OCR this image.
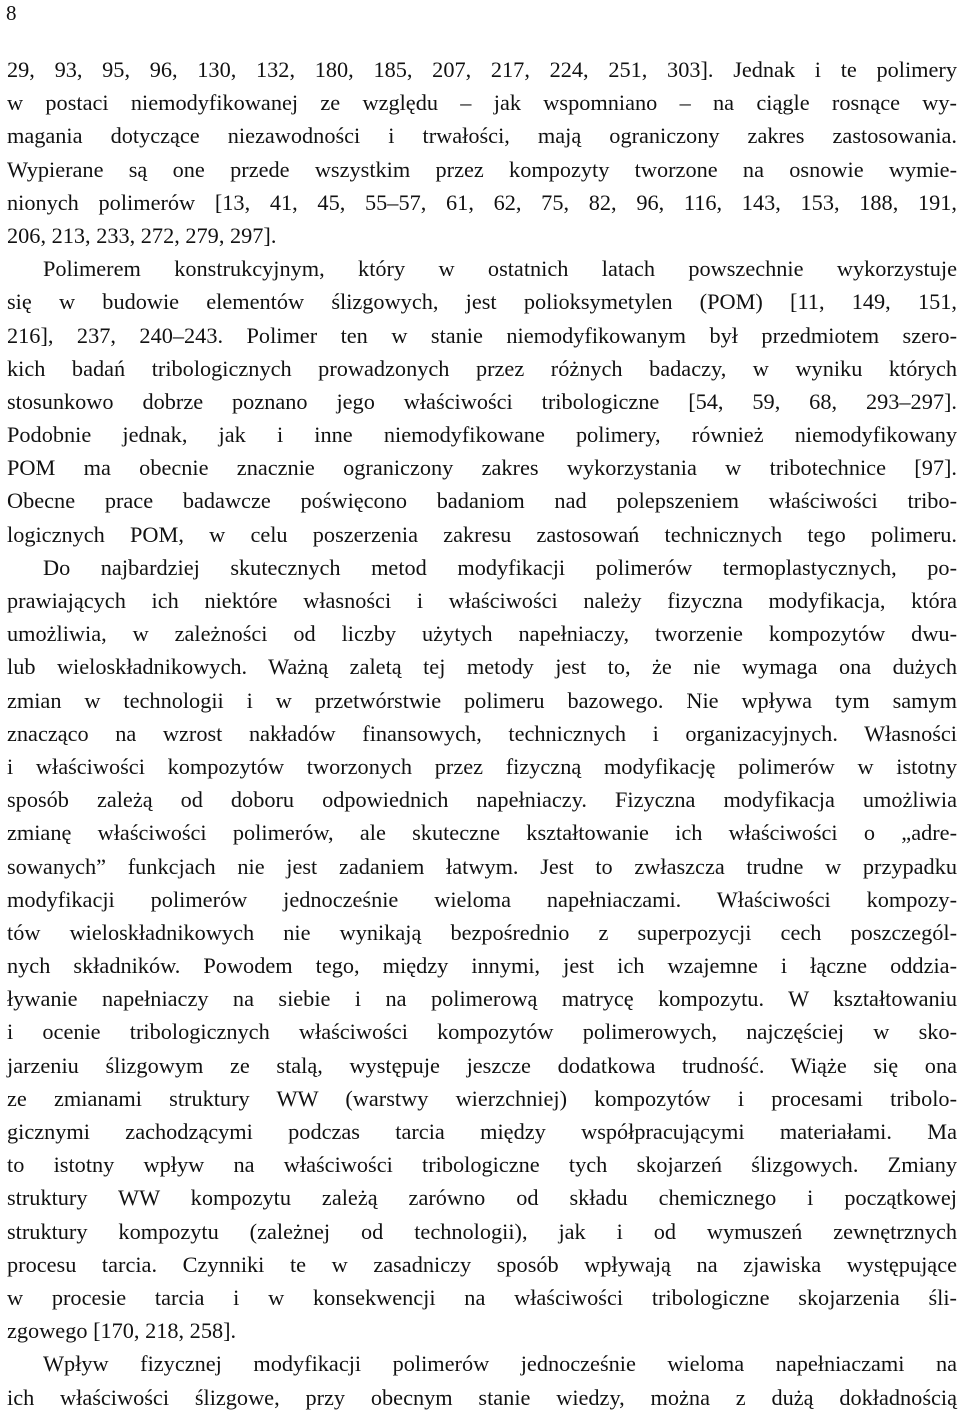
8
29, 93, 95, 96, 130, 132, 180, 185, 207, 217, 224, 251, 303]. Jednak i te polimery
w postaci niemodyfikowanej ze względu – jak wspomniano – na ciągle rosnące wy-
magania dotyczące niezawodności i trwałości, mają ograniczony zakres zastosowania.
Wypierane są one przede wszystkim przez kompozyty tworzone na osnowie wymie-
nionych polimerów [13, 41, 45, 55–57, 61, 62, 75, 82, 96, 116, 143, 153, 188, 191,
206, 213, 233, 272, 279, 297].
Polimerem konstrukcyjnym, który w ostatnich latach powszechnie wykorzystuje
się w budowie elementów ślizgowych, jest polioksymetylen (POM) [11, 149, 151,
216], 237, 240–243. Polimer ten w stanie niemodyfikowanym był przedmiotem szero-
kich badań tribologicznych prowadzonych przez różnych badaczy, w wyniku których
stosunkowo dobrze poznano jego właściwości tribologiczne [54, 59, 68, 293–297].
Podobnie jednak, jak i inne niemodyfikowane polimery, również niemodyfikowany
POM ma obecnie znacznie ograniczony zakres wykorzystania w tribotechnice [97].
Obecne prace badawcze poświęcono badaniom nad polepszeniem właściwości tribo-
logicznych POM, w celu poszerzenia zakresu zastosowań technicznych tego polimeru.
Do najbardziej skutecznych metod modyfikacji polimerów termoplastycznych, po-
prawiających ich niektóre własności i właściwości należy fizyczna modyfikacja, która
umożliwia, w zależności od liczby użytych napełniaczy, tworzenie kompozytów dwu-
lub wieloskładnikowych. Ważną zaletą tej metody jest to, że nie wymaga ona dużych
zmian w technologii i w przetwórstwie polimeru bazowego. Nie wpływa tym samym
znacząco na wzrost nakładów finansowych, technicznych i organizacyjnych. Własności
i właściwości kompozytów tworzonych przez fizyczną modyfikację polimerów w istotny
sposób zależą od doboru odpowiednich napełniaczy. Fizyczna modyfikacja umożliwia
zmianę właściwości polimerów, ale skuteczne kształtowanie ich właściwości o „adre-
sowanych” funkcjach nie jest zadaniem łatwym. Jest to zwłaszcza trudne w przypadku
modyfikacji polimerów jednocześnie wieloma napełniaczami. Właściwości kompozy-
tów wieloskładnikowych nie wynikają bezpośrednio z superpozycji cech poszczegól-
nych składników. Powodem tego, między innymi, jest ich wzajemne i łączne oddzia-
ływanie napełniaczy na siebie i na polimerową matrycę kompozytu. W kształtowaniu
i ocenie tribologicznych właściwości kompozytów polimerowych, najczęściej w sko-
jarzeniu ślizgowym ze stalą, występuje jeszcze dodatkowa trudność. Wiąże się ona
ze zmianami struktury WW (warstwy wierzchniej) kompozytów i procesami tribolo-
gicznymi zachodzącymi podczas tarcia między współpracującymi materiałami. Ma
to istotny wpływ na właściwości tribologiczne tych skojarzeń ślizgowych. Zmiany
struktury WW kompozytu zależą zarówno od składu chemicznego i początkowej
struktury kompozytu (zależnej od technologii), jak i od wymuszeń zewnętrznych
procesu tarcia. Czynniki te w zasadniczy sposób wpływają na zjawiska występujące
w procesie tarcia i w konsekwencji na właściwości tribologiczne skojarzenia śli-
zgowego [170, 218, 258].
Wpływ fizycznej modyfikacji polimerów jednocześnie wieloma napełniaczami na
ich właściwości ślizgowe, przy obecnym stanie wiedzy, można z dużą dokładnością
